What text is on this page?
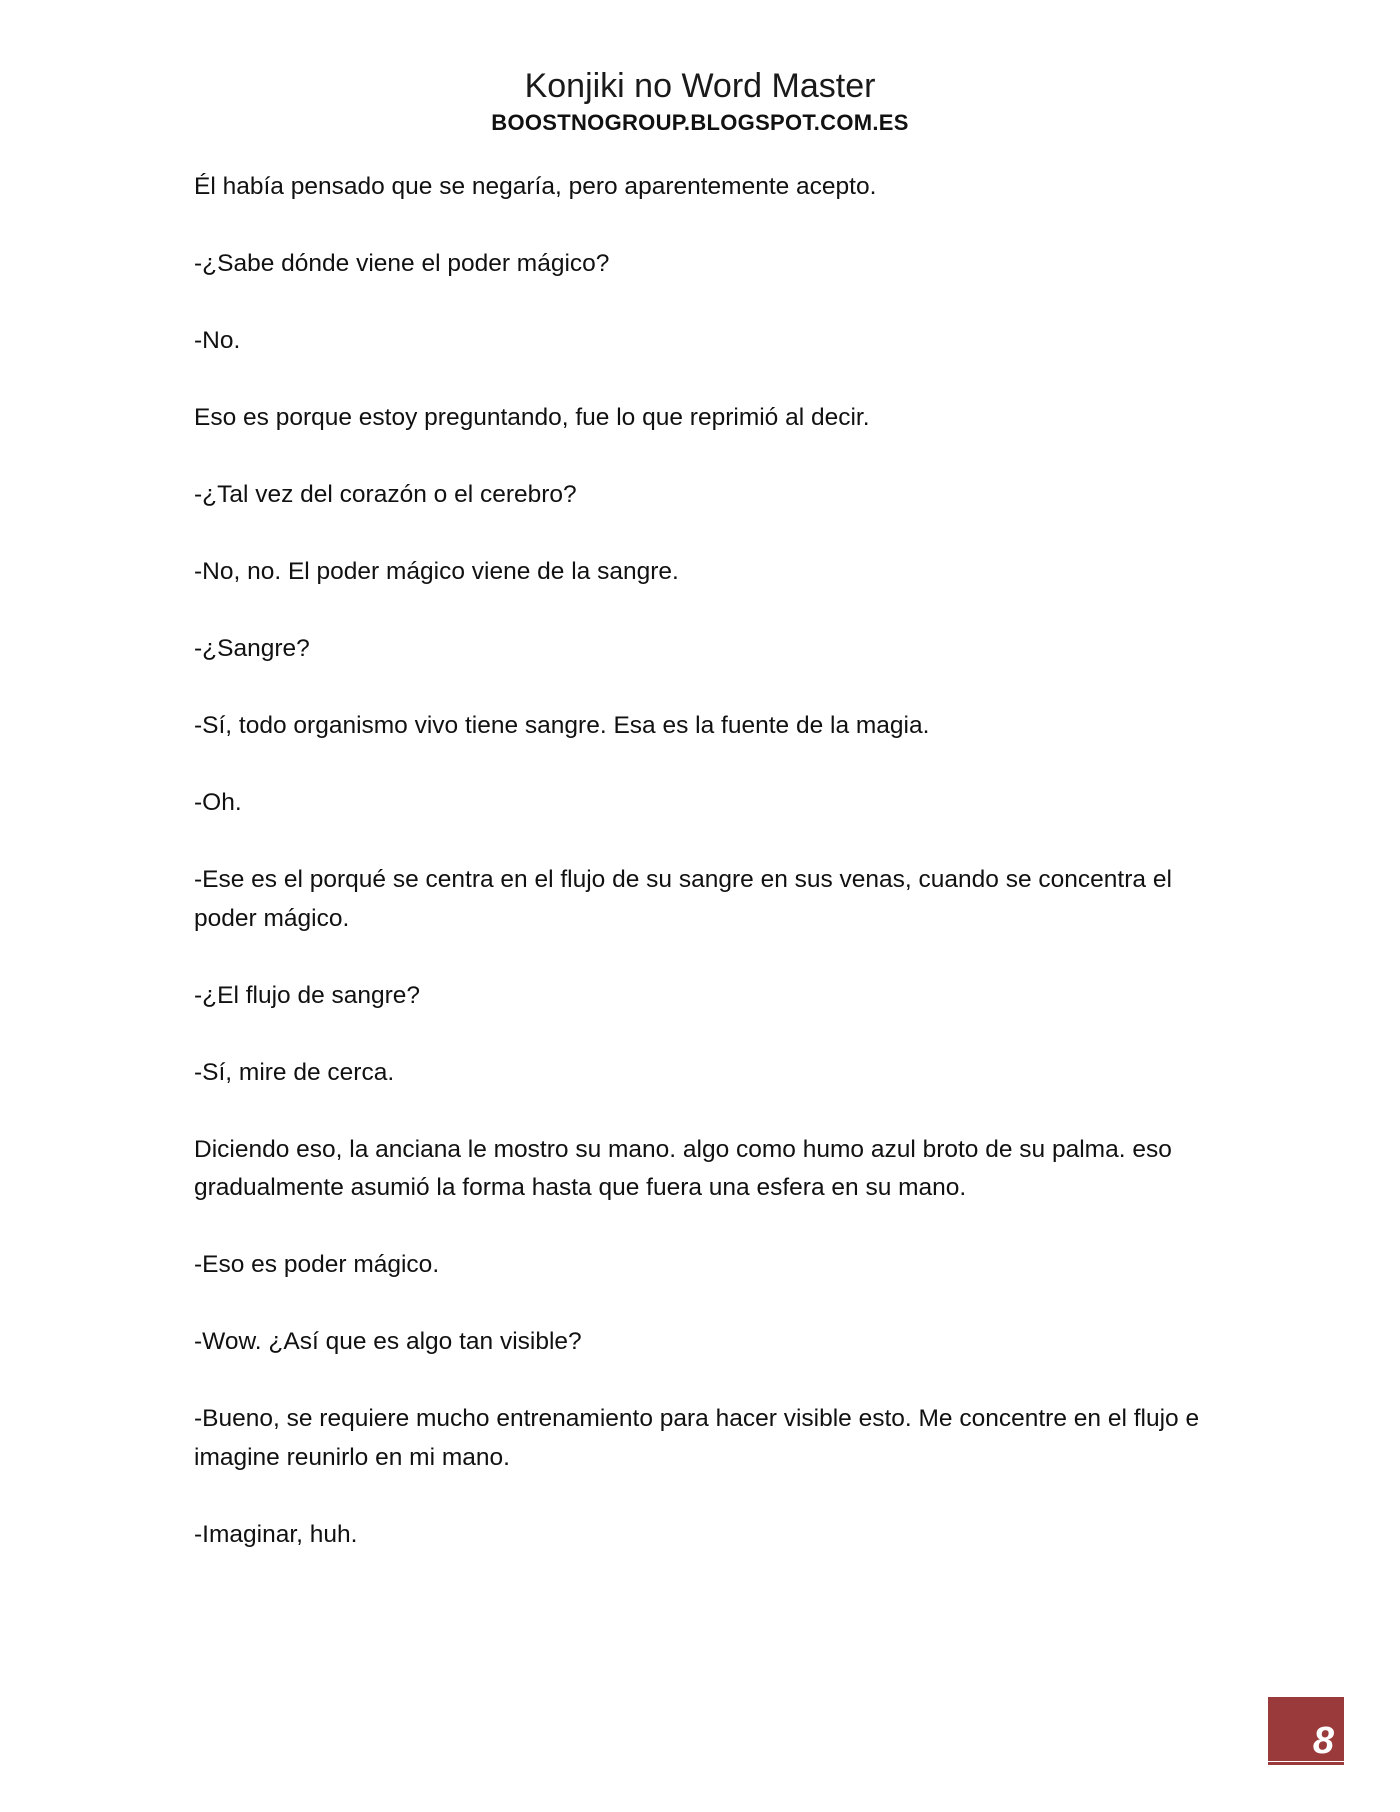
Konjiki no Word Master
BOOSTNOGROUP.BLOGSPOT.COM.ES

Él había pensado que se negaría, pero aparentemente acepto.

-¿Sabe dónde viene el poder mágico?

-No.

Eso es porque estoy preguntando, fue lo que reprimió al decir.

-¿Tal vez del corazón o el cerebro?

-No, no. El poder mágico viene de la sangre.

-¿Sangre?

-Sí, todo organismo vivo tiene sangre. Esa es la fuente de la magia.

-Oh.

-Ese es el porqué se centra en el flujo de su sangre en sus venas, cuando se concentra el poder mágico.

-¿El flujo de sangre?

-Sí, mire de cerca.

Diciendo eso, la anciana le mostro su mano. algo como humo azul broto de su palma. eso gradualmente asumió la forma hasta que fuera una esfera en su mano.

-Eso es poder mágico.

-Wow. ¿Así que es algo tan visible?

-Bueno, se requiere mucho entrenamiento para hacer visible esto. Me concentre en el flujo e imagine reunirlo en mi mano.

-Imaginar, huh.

8
